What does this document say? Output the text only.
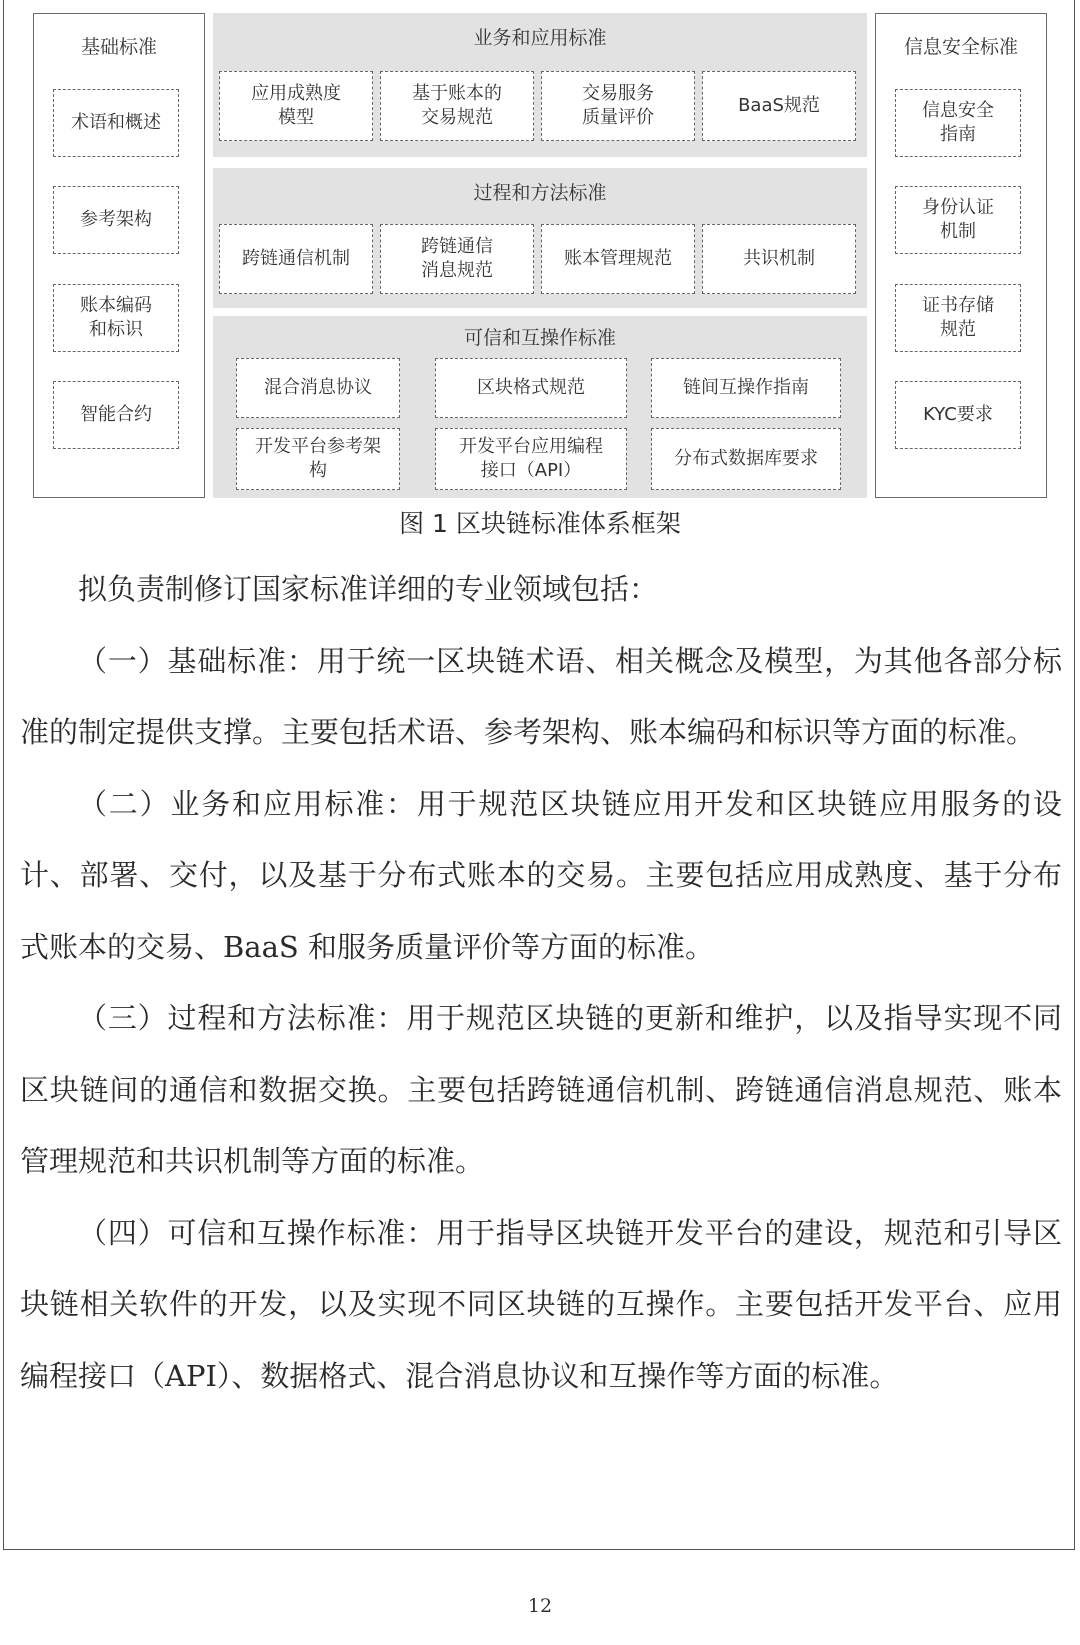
基础标准
术语和概述
参考架构
账本编码
和标识
智能合约
业务和应用标准
应用成熟度
模型
基于账本的
交易规范
交易服务
质量评价
BaaS规范
过程和方法标准
跨链通信机制
跨链通信
消息规范
账本管理规范	共识机制
可信和互操作标准
混合消息协议	区块格式规范	链间互操作指南
开发平台参考架
构
开发平台应用编程
接口（API）
分布式数据库要求
信息安全标准
信息安全
指南
身份认证
机制
证书存储
规范
KYC要求
图 1 区块链标准体系框架

拟负责制修订国家标准详细的专业领域包括：

（一）基础标准：用于统一区块链术语、相关概念及模型，为其他各部分标准的制定提供支撑。主要包括术语、参考架构、账本编码和标识等方面的标准。

（二）业务和应用标准：用于规范区块链应用开发和区块链应用服务的设计、部署、交付，以及基于分布式账本的交易。主要包括应用成熟度、基于分布式账本的交易、BaaS 和服务质量评价等方面的标准。

（三）过程和方法标准：用于规范区块链的更新和维护，以及指导实现不同区块链间的通信和数据交换。主要包括跨链通信机制、跨链通信消息规范、账本管理规范和共识机制等方面的标准。

（四）可信和互操作标准：用于指导区块链开发平台的建设，规范和引导区块链相关软件的开发，以及实现不同区块链的互操作。主要包括开发平台、应用编程接口（API）、数据格式、混合消息协议和互操作等方面的标准。

12
